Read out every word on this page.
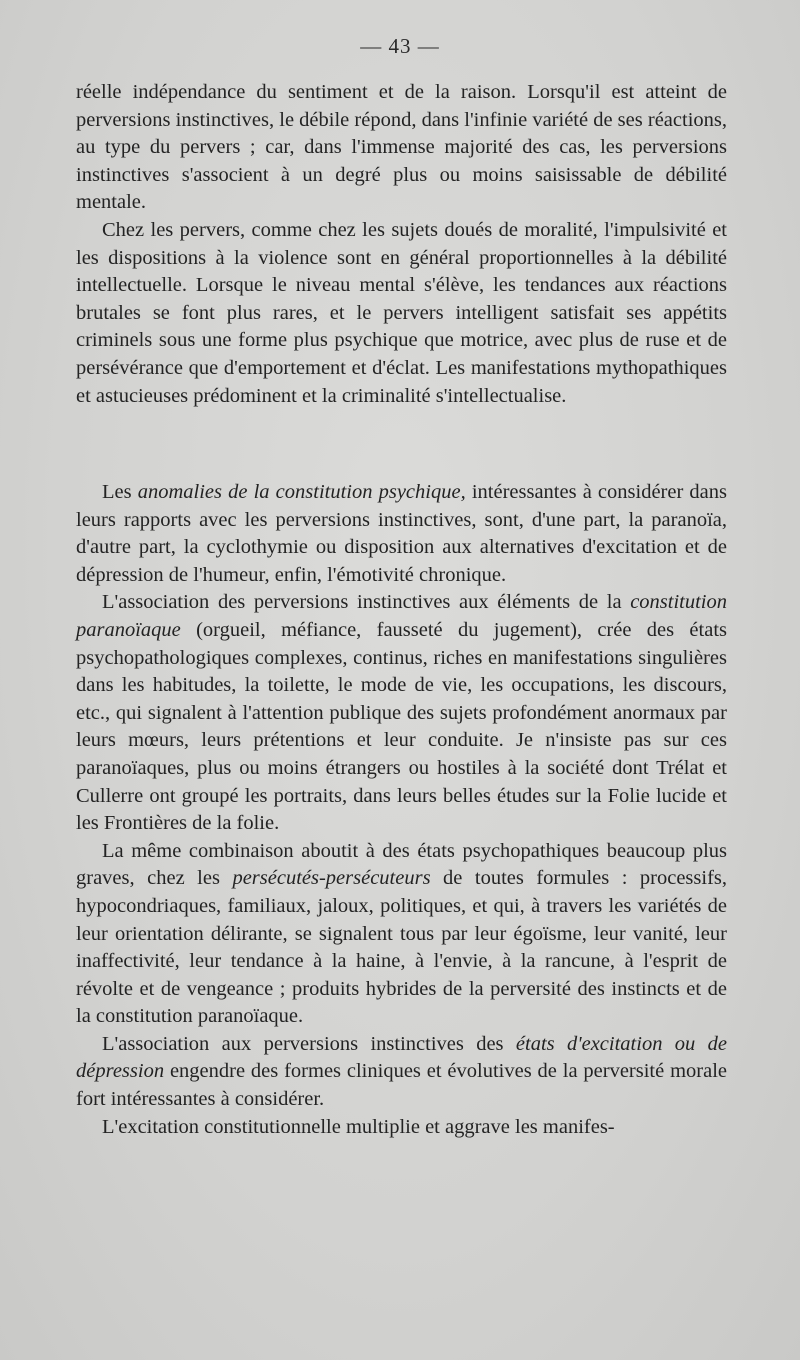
— 43 —

réelle indépendance du sentiment et de la raison. Lorsqu'il est atteint de perversions instinctives, le débile répond, dans l'infinie variété de ses réactions, au type du pervers ; car, dans l'immense majorité des cas, les perversions instinctives s'associent à un degré plus ou moins saisissable de débilité mentale.

Chez les pervers, comme chez les sujets doués de moralité, l'impulsivité et les dispositions à la violence sont en général proportionnelles à la débilité intellectuelle. Lorsque le niveau mental s'élève, les tendances aux réactions brutales se font plus rares, et le pervers intelligent satisfait ses appétits criminels sous une forme plus psychique que motrice, avec plus de ruse et de persévérance que d'emportement et d'éclat. Les manifestations mythopathiques et astucieuses prédominent et la criminalité s'intellectualise.

Les anomalies de la constitution psychique, intéressantes à considérer dans leurs rapports avec les perversions instinctives, sont, d'une part, la paranoïa, d'autre part, la cyclothymie ou disposition aux alternatives d'excitation et de dépression de l'humeur, enfin, l'émotivité chronique.

L'association des perversions instinctives aux éléments de la constitution paranoïaque (orgueil, méfiance, fausseté du jugement), crée des états psychopathologiques complexes, continus, riches en manifestations singulières dans les habitudes, la toilette, le mode de vie, les occupations, les discours, etc., qui signalent à l'attention publique des sujets profondément anormaux par leurs mœurs, leurs prétentions et leur conduite. Je n'insiste pas sur ces paranoïaques, plus ou moins étrangers ou hostiles à la société dont Trélat et Cullerre ont groupé les portraits, dans leurs belles études sur la Folie lucide et les Frontières de la folie.

La même combinaison aboutit à des états psychopathiques beaucoup plus graves, chez les persécutés-persécuteurs de toutes formules : processifs, hypocondriaques, familiaux, jaloux, politiques, et qui, à travers les variétés de leur orientation délirante, se signalent tous par leur égoïsme, leur vanité, leur inaffectivité, leur tendance à la haine, à l'envie, à la rancune, à l'esprit de révolte et de vengeance ; produits hybrides de la perversité des instincts et de la constitution paranoïaque.

L'association aux perversions instinctives des états d'excitation ou de dépression engendre des formes cliniques et évolutives de la perversité morale fort intéressantes à considérer.

L'excitation constitutionnelle multiplie et aggrave les manifes-
